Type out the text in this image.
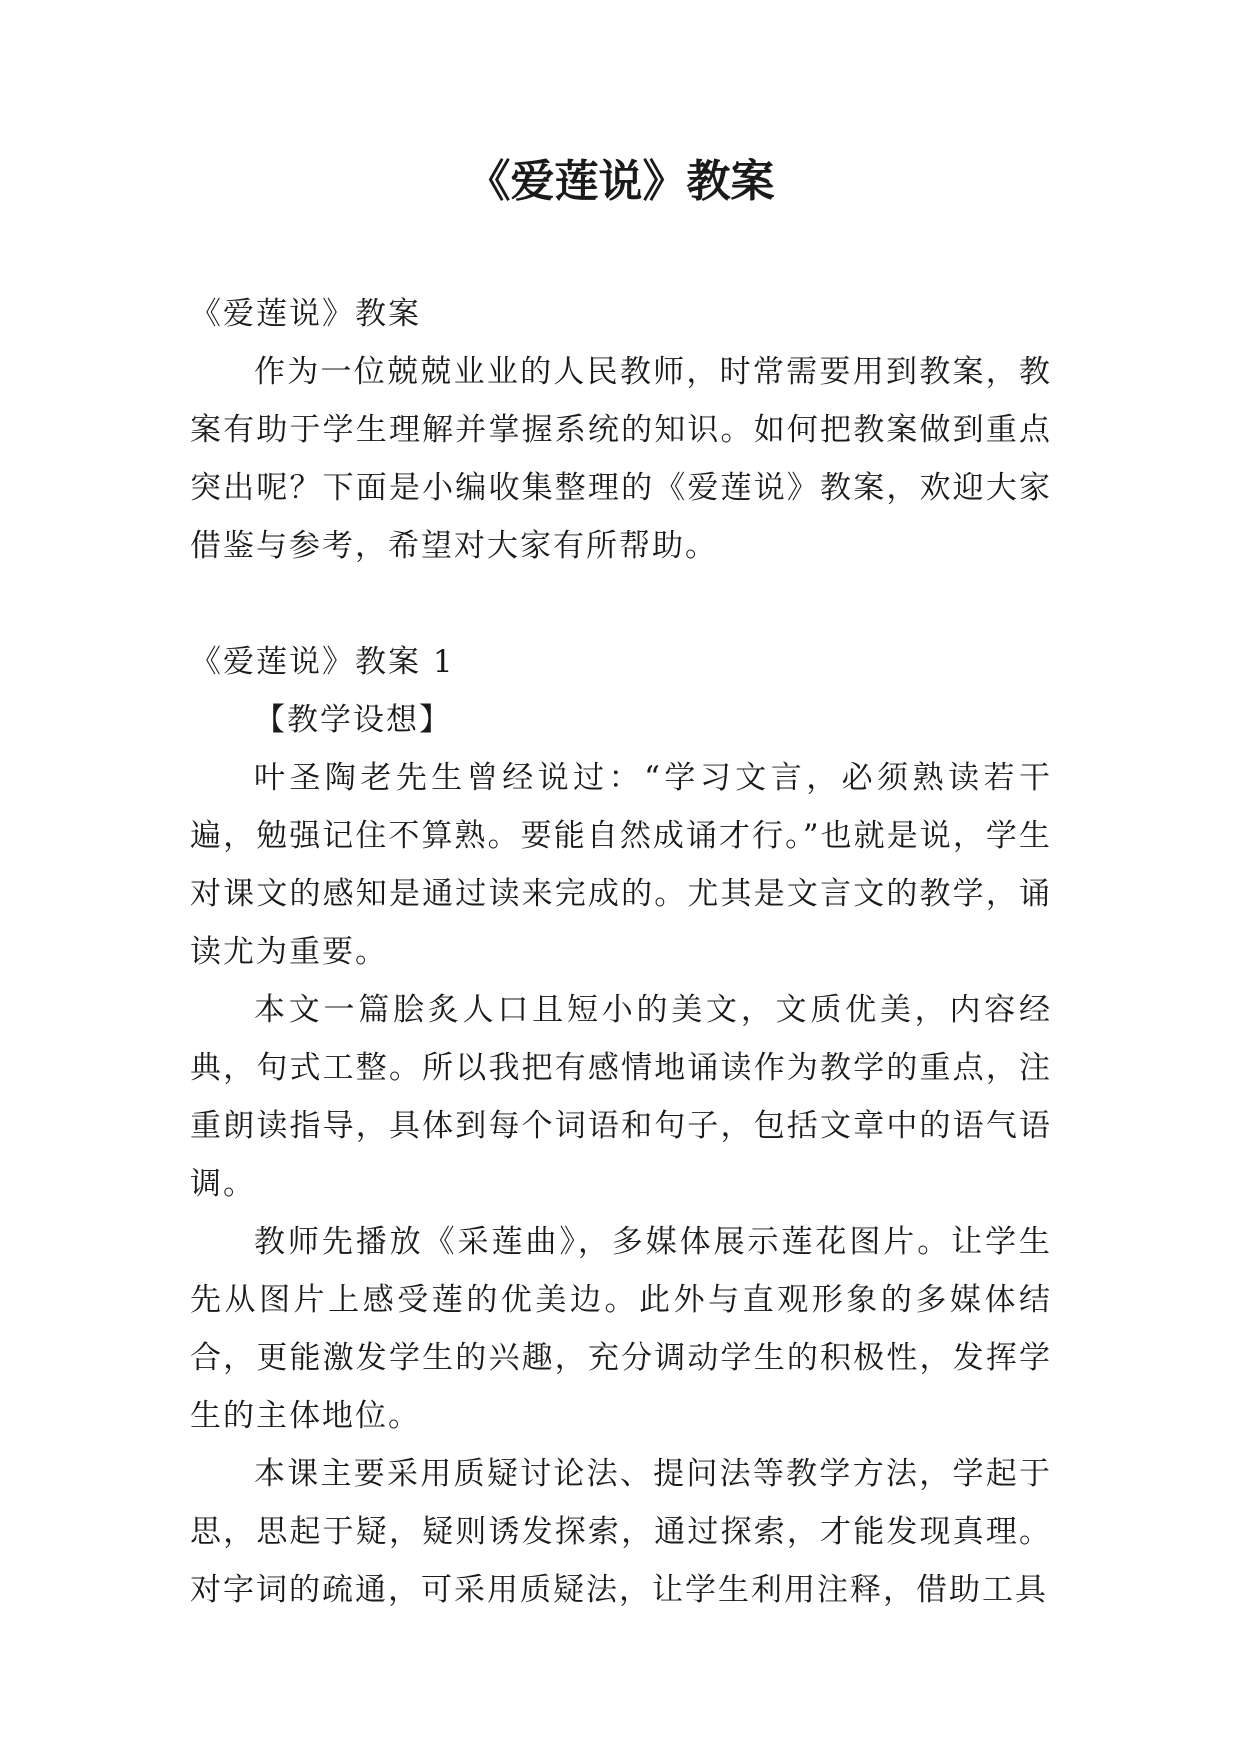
《爱莲说》教案

《爱莲说》教案

作为一位兢兢业业的人民教师，时常需要用到教案，教案有助于学生理解并掌握系统的知识。如何把教案做到重点突出呢？下面是小编收集整理的《爱莲说》教案，欢迎大家借鉴与参考，希望对大家有所帮助。

《爱莲说》教案 1

【教学设想】

叶圣陶老先生曾经说过：“学习文言，必须熟读若干遍，勉强记住不算熟。要能自然成诵才行。”也就是说，学生对课文的感知是通过读来完成的。尤其是文言文的教学，诵读尤为重要。

本文一篇脍炙人口且短小的美文，文质优美，内容经典，句式工整。所以我把有感情地诵读作为教学的重点，注重朗读指导，具体到每个词语和句子，包括文章中的语气语调。

教师先播放《采莲曲》，多媒体展示莲花图片。让学生先从图片上感受莲的优美边。此外与直观形象的多媒体结合，更能激发学生的兴趣，充分调动学生的积极性，发挥学生的主体地位。

本课主要采用质疑讨论法、提问法等教学方法，学起于思，思起于疑，疑则诱发探索，通过探索，才能发现真理。对字词的疏通，可采用质疑法，让学生利用注释，借助工具
